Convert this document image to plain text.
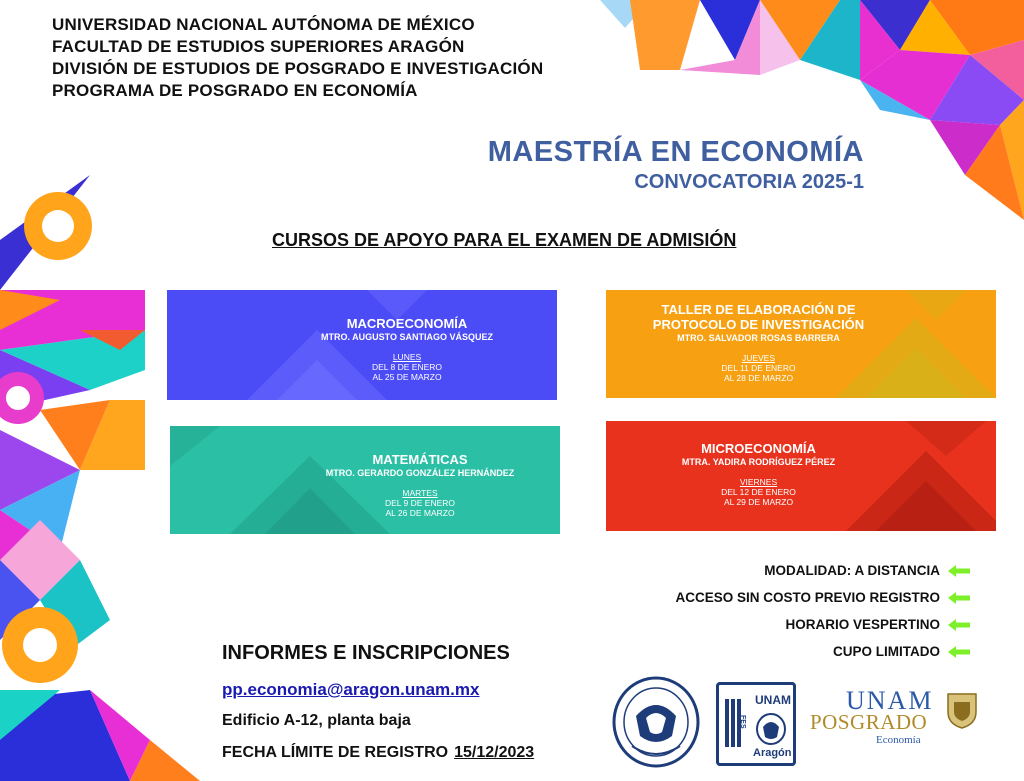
UNIVERSIDAD NACIONAL AUTÓNOMA DE MÉXICO
FACULTAD DE ESTUDIOS SUPERIORES ARAGÓN
DIVISIÓN DE ESTUDIOS DE POSGRADO E INVESTIGACIÓN
PROGRAMA DE POSGRADO EN ECONOMÍA
MAESTRÍA EN ECONOMÍA
CONVOCATORIA 2025-1
CURSOS DE APOYO PARA EL EXAMEN DE ADMISIÓN
MACROECONOMÍA
MTRO. AUGUSTO SANTIAGO VÁSQUEZ
LUNES
DEL 8 DE ENERO
AL 25 DE MARZO
TALLER DE ELABORACIÓN DE
PROTOCOLO DE INVESTIGACIÓN
MTRO. SALVADOR ROSAS BARRERA
JUEVES
DEL 11 DE ENERO
AL 28 DE MARZO
MATEMÁTICAS
MTRO. GERARDO GONZÁLEZ HERNÁNDEZ
MARTES
DEL 9 DE ENERO
AL 26 DE MARZO
MICROECONOMÍA
MTRA. YADIRA RODRÍGUEZ PÉREZ
VIERNES
DEL 12 DE ENERO
AL 29 DE MARZO
MODALIDAD: A DISTANCIA
ACCESO SIN COSTO PREVIO REGISTRO
HORARIO VESPERTINO
CUPO LIMITADO
INFORMES E INSCRIPCIONES
pp.economia@aragon.unam.mx
Edificio A-12, planta baja
FECHA LÍMITE DE REGISTRO 15/12/2023
UNAM
FES
Aragón
UNAM
POSGRADO
Economía
